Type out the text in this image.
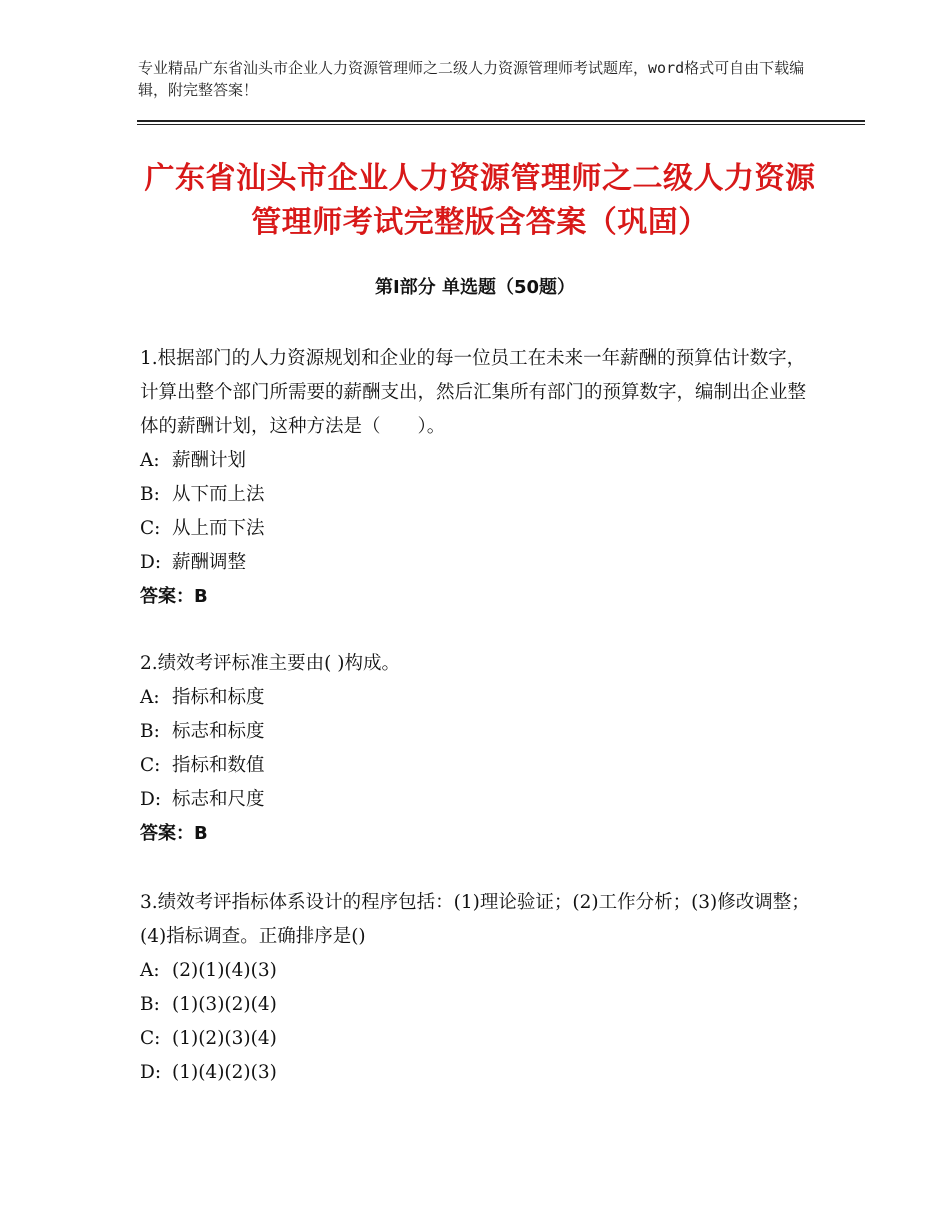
专业精品广东省汕头市企业人力资源管理师之二级人力资源管理师考试题库，word格式可自由下载编辑，附完整答案！
广东省汕头市企业人力资源管理师之二级人力资源管理师考试完整版含答案（巩固）
第Ⅰ部分 单选题（50题）

1.根据部门的人力资源规划和企业的每一位员工在未来一年薪酬的预算估计数字，计算出整个部门所需要的薪酬支出，然后汇集所有部门的预算数字，编制出企业整体的薪酬计划，这种方法是（　　）。

A: 薪酬计划

B: 从下而上法

C: 从上而下法

D: 薪酬调整

答案：B

2.绩效考评标准主要由( )构成。

A: 指标和标度

B: 标志和标度

C: 指标和数值

D: 标志和尺度

答案：B

3.绩效考评指标体系设计的程序包括：(1)理论验证；(2)工作分析；(3)修改调整；(4)指标调查。正确排序是()

A: (2)(1)(4)(3)

B: (1)(3)(2)(4)

C: (1)(2)(3)(4)

D: (1)(4)(2)(3)
